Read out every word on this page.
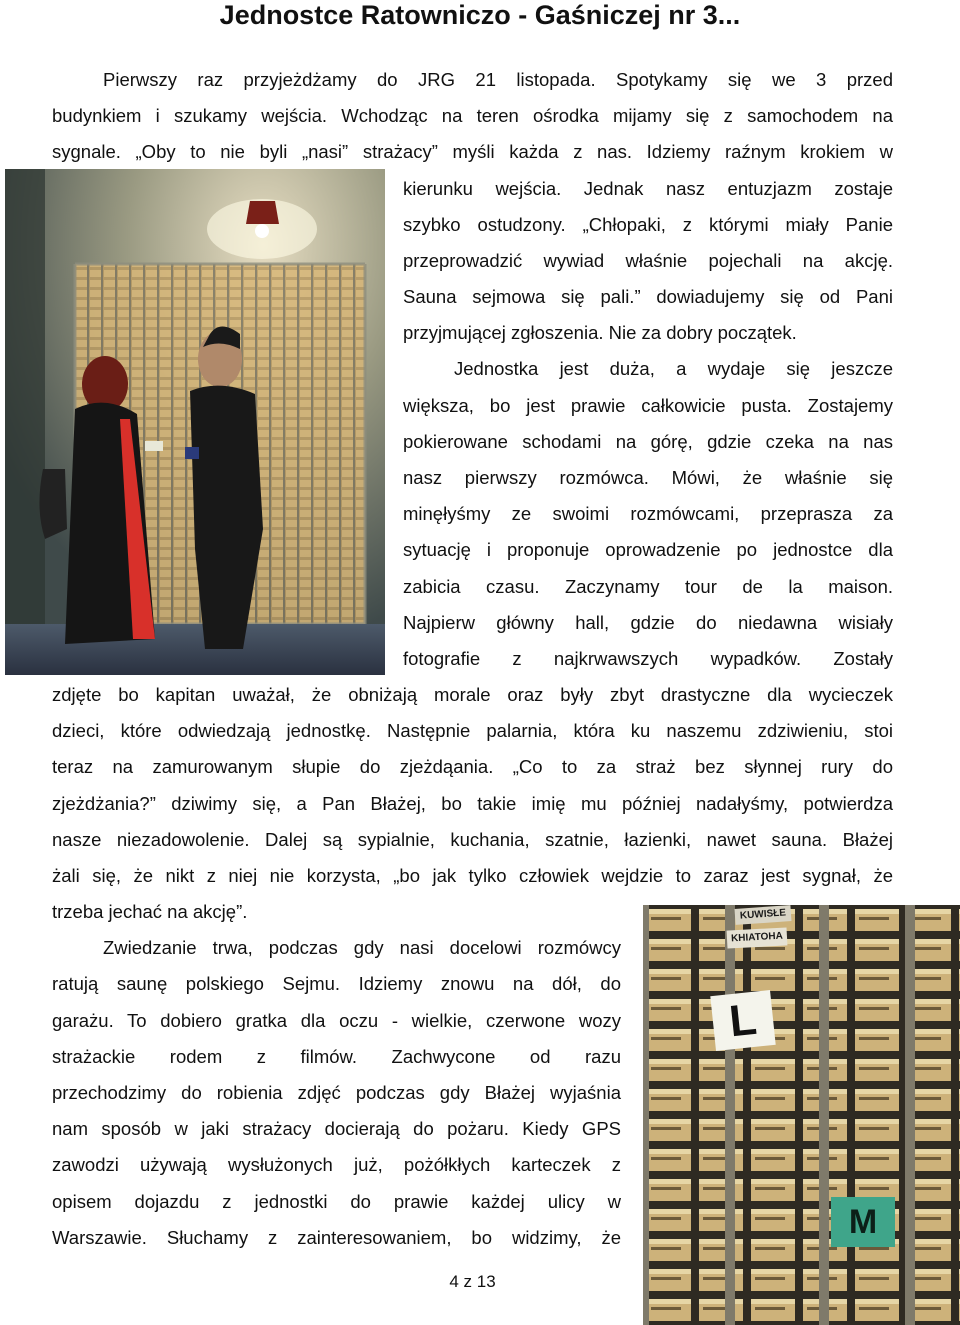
Jednostce Ratowniczo - Gaśniczej nr 3...
KUWISŁE
KHIATOHA
L
M
Pierwszy raz przyjeżdżamy do JRG 21 listopada. Spotykamy się we 3 przed
budynkiem i szukamy wejścia. Wchodząc na teren ośrodka mijamy się z samochodem na
sygnale. „Oby to nie byli „nasi” strażacy” myśli każda z nas. Idziemy raźnym krokiem w
kierunku wejścia. Jednak nasz entuzjazm zostaje
szybko ostudzony. „Chłopaki, z którymi miały Panie
przeprowadzić wywiad właśnie pojechali na akcję.
Sauna sejmowa się pali.” dowiadujemy się od Pani
przyjmującej zgłoszenia. Nie za dobry początek.
Jednostka jest duża, a wydaje się jeszcze
większa, bo jest prawie całkowicie pusta. Zostajemy
pokierowane schodami na górę, gdzie czeka na nas
nasz pierwszy rozmówca. Mówi, że właśnie się
minęłyśmy ze swoimi rozmówcami, przeprasza za
sytuację i proponuje oprowadzenie po jednostce dla
zabicia czasu. Zaczynamy tour de la maison.
Najpierw główny hall, gdzie do niedawna wisiały
fotografie z najkrwawszych wypadków. Zostały
zdjęte bo kapitan uważał, że obniżają morale oraz były zbyt drastyczne dla wycieczek
dzieci, które odwiedzają jednostkę. Następnie palarnia, która ku naszemu zdziwieniu, stoi
teraz na zamurowanym słupie do zjeżdąania. „Co to za straż bez słynnej rury do
zjeżdżania?” dziwimy się, a Pan Błażej, bo takie imię mu później nadałyśmy, potwierdza
nasze niezadowolenie. Dalej są sypialnie, kuchania, szatnie, łazienki, nawet sauna. Błażej
żali się, że nikt z niej nie korzysta, „bo jak tylko człowiek wejdzie to zaraz jest sygnał, że
trzeba jechać na akcję”.
Zwiedzanie trwa, podczas gdy nasi docelowi rozmówcy
ratują saunę polskiego Sejmu. Idziemy znowu na dół, do
garażu. To dobiero gratka dla oczu - wielkie, czerwone wozy
strażackie rodem z filmów. Zachwycone od razu
przechodzimy do robienia zdjęć podczas gdy Błażej wyjaśnia
nam sposób w jaki strażacy docierają do pożaru. Kiedy GPS
zawodzi używają wysłużonych już, pożółkłych karteczek z
opisem dojazdu z jednostki do prawie każdej ulicy w
Warszawie. Słuchamy z zainteresowaniem, bo widzimy, że
4 z 13
